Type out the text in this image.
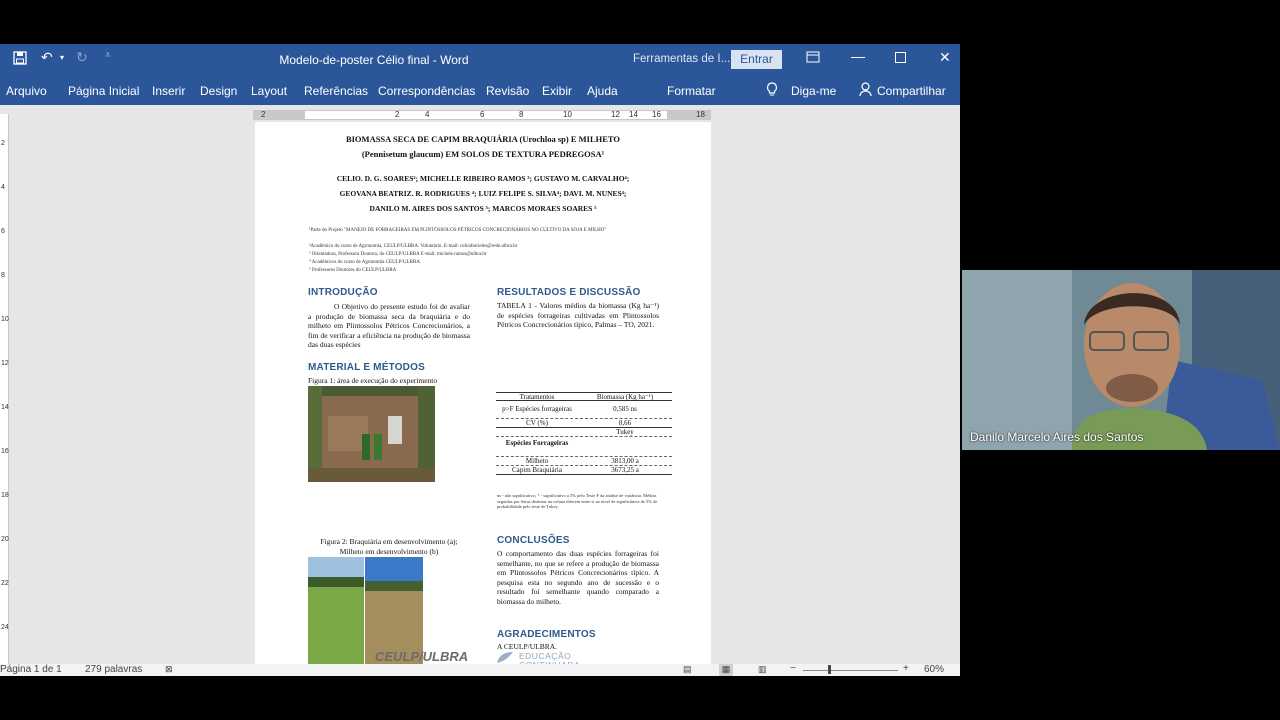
↶ ▾ ↻ ⩡	Modelo-de-poster Célio final - Word	Ferramentas de I... Entrar	—	✕
Arquivo Página Inicial Inserir Design Layout Referências Correspondências Revisão Exibir Ajuda	Formatar	Diga-me	Compartilhar
2	2	4	6	8	10	12 14 16	18
2
4
6
8
10
12
14
16
18
20
22
24
BIOMASSA SECA DE CAPIM BRAQUIÁRIA (Urochloa sp) E MILHETO
(Pennisetum glaucum) EM SOLOS DE TEXTURA PEDREGOSA¹
CELIO. D. G. SOARES²; MICHELLE RIBEIRO RAMOS ³; GUSTAVO M. CARVALHO⁴;
GEOVANA BEATRIZ. R. RODRIGUES ⁴; LUIZ FELIPE S. SILVA⁴; DAVI. M. NUNES⁴;
DANILO M. AIRES DOS SANTOS ⁵; MARCOS MORAES SOARES ⁵
¹Parte do Projeto "MANEJO DE FORRAGEIRAS EM PLINTOSSOLOS PÉTRICOS CONCRECIONÁRIOS NO CULTIVO DA SOJA E MILHO"
²Acadêmico do curso de Agronomia, CEULP/ULBRA. Voluntário. E-mail: celiodiorieles@rede.ulbra.br
³ Orientadora, Professora Doutora, do CEULP/ULBRA E-mail: michele.ramos@ulbra.br
⁴ Acadêmicos do curso de Agronomia CEULP/ULBRA.
⁵ Professores Doutores do CEULP/ULBRA
INTRODUÇÃO
O Objetivo do presente estudo foi de avaliar a produção de biomassa seca da braquiária e do milheto em Plintossolos Pétricos Concrecionários, a fim de verificar a eficiência na produção de biomassa das duas espécies
MATERIAL E MÉTODOS
Figura 1: área de execução do experimento
Figura 2: Braquiária em desenvolvimento (a); Milheto em desenvolvimento (b)
RESULTADOS E DISCUSSÃO
TABELA 1 - Valores médios da biomassa (Kg ha⁻¹) de espécies forrageiras cultivadas em Plintossolos Pétricos Concrecionários típico, Palmas – TO, 2021.
Tratamentos	Biomassa (Kg ha⁻¹)
p>F Espécies forrageiras	0,585 ns
CV (%)	8,66
Tukey
Espécies Forrageiras
Milheto	3813,00 a
Capim Braquiária	3673,25 a
ns - não significativo; * - significativo a 5% pelo Teste F da análise de variância. Médias seguidas por letras distintas na coluna diferem entre si ao nível de significância de 5% de probabilidade pelo teste de Tukey.
CONCLUSÕES
O comportamento das duas espécies forrageiras foi semelhante, no que se refere a produção de biomassa em Plintossolos Pétricos Concrecionários típico. A pesquisa esta no segundo ano de sucessão e o resultado foi semelhante quando comparado a biomassa do milheto.
AGRADECIMENTOS
A CEULP/ULBRA.
CEULP/ULBRA	EDUCAÇÃO
Página 1 de 1 279 palavras	⊠	▤	▦	▥ −	+ 60%
Danilo Marcelo Aires dos Santos
